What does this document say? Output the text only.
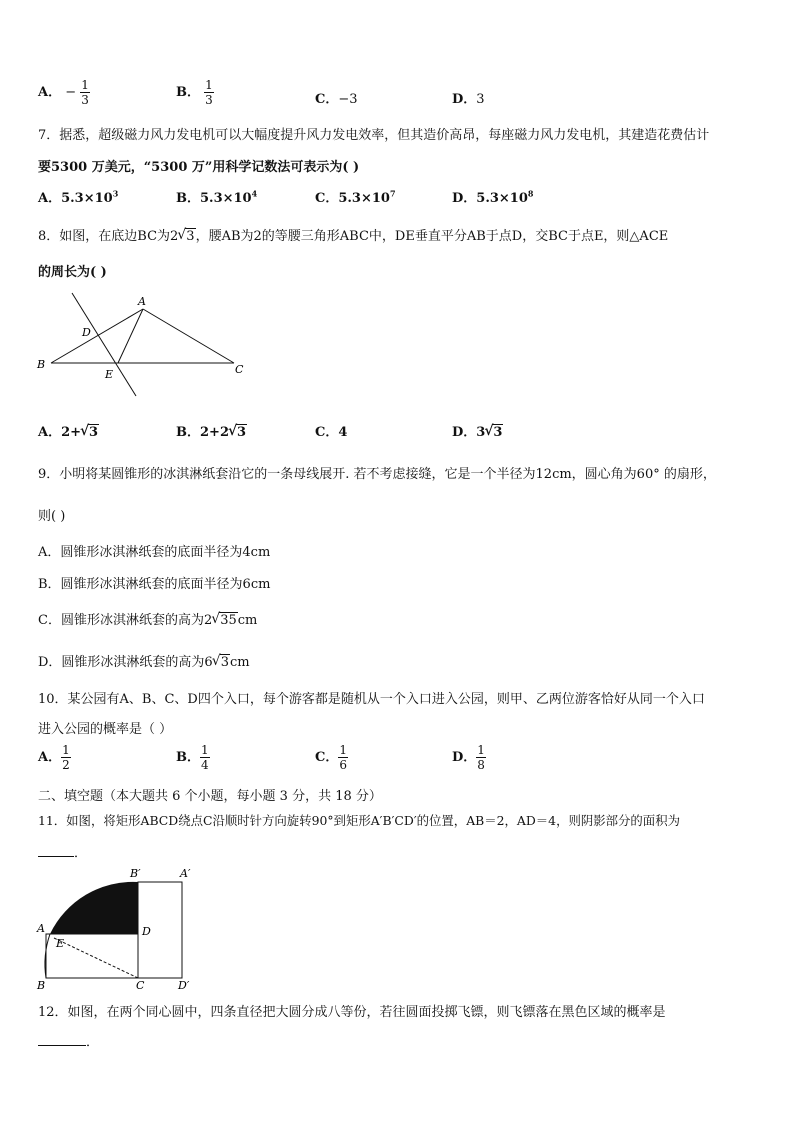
A． − $\frac{1}{3}$	B． $\frac{1}{3}$	C．−3	D．3
7．据悉，超级磁力风力发电机可以大幅度提升风力发电效率，但其造价高昂，每座磁力风力发电机，其建造花费估计
要5300 万美元，“5300 万”用科学记数法可表示为( )
A．$5.3\times 10^3$	B．$5.3\times 10^4$	C．$5.3\times 10^7$	D．$5.3\times 10^8$
8．如图，在底边BC为2 √ 3，腰AB为2的等腰三角形ABC中，DE垂直平分AB于点D，交BC于点E，则△ACE
的周长为( )
A
B	C
D
E
A．2+ √ 3	B．2+2 √ 3	C．4	D．3 √ 3
9．小明将某圆锥形的冰淇淋纸套沿它的一条母线展开. 若不考虑接缝，它是一个半径为12cm，圆心角为60° 的扇形，
则( )
A．圆锥形冰淇淋纸套的底面半径为4cm
B．圆锥形冰淇淋纸套的底面半径为6cm
C．圆锥形冰淇淋纸套的高为2 √ 35cm
D．圆锥形冰淇淋纸套的高为6 √ 3cm
10．某公园有A、B、C、D四个入口，每个游客都是随机从一个入口进入公园，则甲、乙两位游客恰好从同一个入口
进入公园的概率是（ ）
A． $\frac{1}{2}$	B． $\frac{1}{4}$	C． $\frac{1}{6}$	D． $\frac{1}{8}$
二、填空题（本大题共 6 个小题，每小题 3 分，共 18 分）
11．如图，将矩形ABCD绕点C沿顺时针方向旋转90°到矩形A′B′CD′的位置，AB＝2，AD＝4，则阴影部分的面积为
．
B′	A′
A
E
D
B	C	D′
12．如图，在两个同心圆中，四条直径把大圆分成八等份，若往圆面投掷飞镖，则飞镖落在黑色区域的概率是
．
